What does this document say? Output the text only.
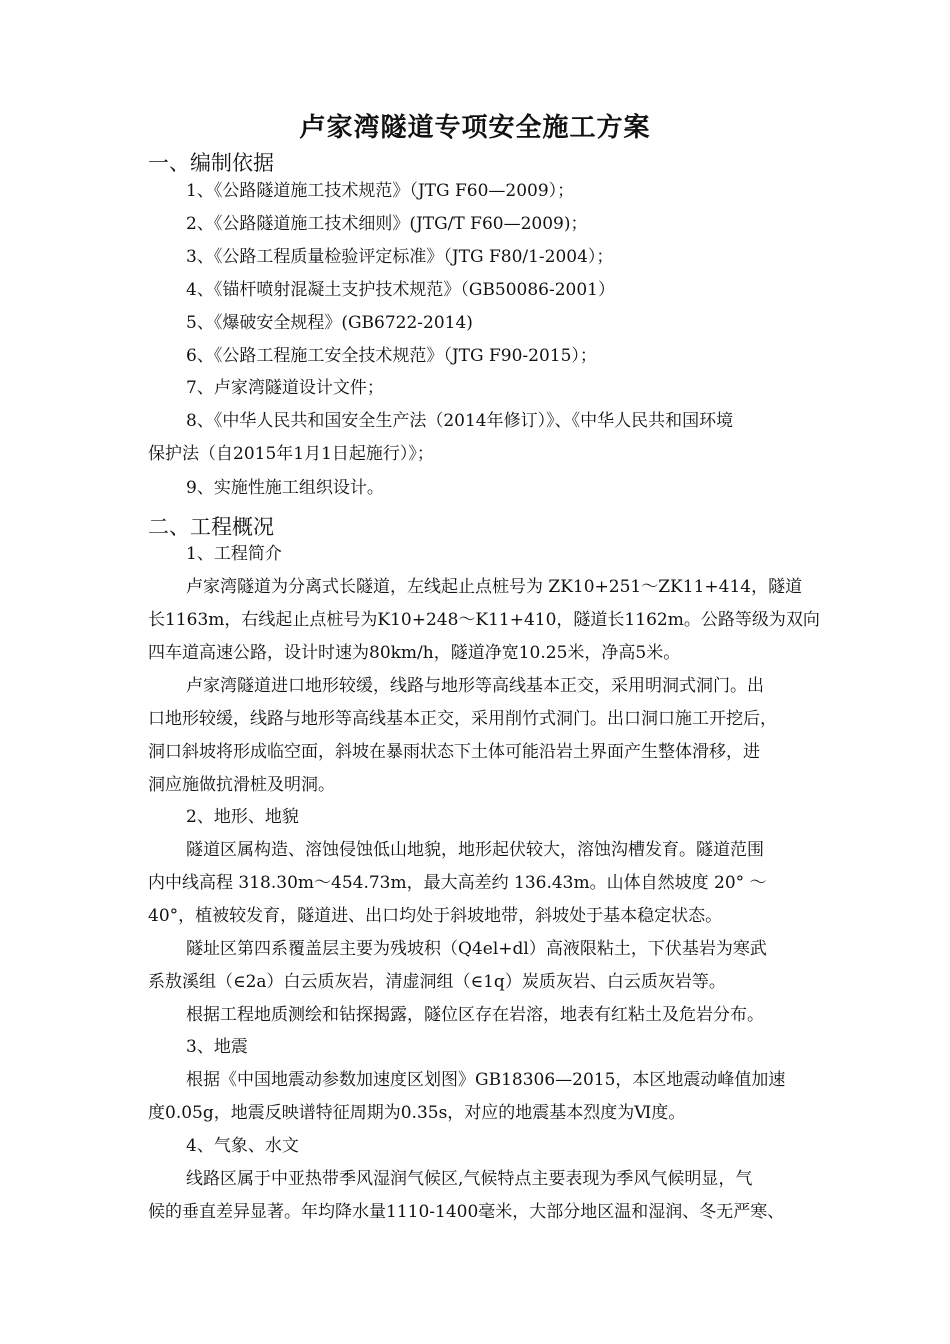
卢家湾隧道专项安全施工方案
一、编制依据
1、《公路隧道施工技术规范》（JTG F60—2009）；
2、《公路隧道施工技术细则》(JTG/T F60—2009)；
3、《公路工程质量检验评定标准》（JTG F80/1-2004）；
4、《锚杆喷射混凝土支护技术规范》（GB50086-2001）
5、《爆破安全规程》(GB6722-2014)
6、《公路工程施工安全技术规范》（JTG F90-2015）；
7、卢家湾隧道设计文件；
8、《中华人民共和国安全生产法（2014年修订）》、《中华人民共和国环境
保护法（自2015年1月1日起施行）》；
9、实施性施工组织设计。
二、工程概况
1、工程简介
卢家湾隧道为分离式长隧道，左线起止点桩号为 ZK10+251～ZK11+414，隧道
长1163m，右线起止点桩号为K10+248～K11+410，隧道长1162m。公路等级为双向
四车道高速公路，设计时速为80km/h，隧道净宽10.25米，净高5米。
卢家湾隧道进口地形较缓，线路与地形等高线基本正交，采用明洞式洞门。出
口地形较缓，线路与地形等高线基本正交，采用削竹式洞门。出口洞口施工开挖后，
洞口斜坡将形成临空面，斜坡在暴雨状态下土体可能沿岩土界面产生整体滑移，进
洞应施做抗滑桩及明洞。
2、地形、地貌
隧道区属构造、溶蚀侵蚀低山地貌，地形起伏较大，溶蚀沟槽发育。隧道范围
内中线高程 318.30m～454.73m，最大高差约 136.43m。山体自然坡度 20° ～
40°，植被较发育，隧道进、出口均处于斜坡地带，斜坡处于基本稳定状态。
隧址区第四系覆盖层主要为残坡积（Q4el+dl）高液限粘土，下伏基岩为寒武
系敖溪组（∈2a）白云质灰岩，清虚洞组（∈1q）炭质灰岩、白云质灰岩等。
根据工程地质测绘和钻探揭露，隧位区存在岩溶，地表有红粘土及危岩分布。
3、地震
根据《中国地震动参数加速度区划图》GB18306—2015，本区地震动峰值加速
度0.05g，地震反映谱特征周期为0.35s，对应的地震基本烈度为Ⅵ度。
4、气象、水文
线路区属于中亚热带季风湿润气候区,气候特点主要表现为季风气候明显，气
候的垂直差异显著。年均降水量1110-1400毫米，大部分地区温和湿润、冬无严寒、
